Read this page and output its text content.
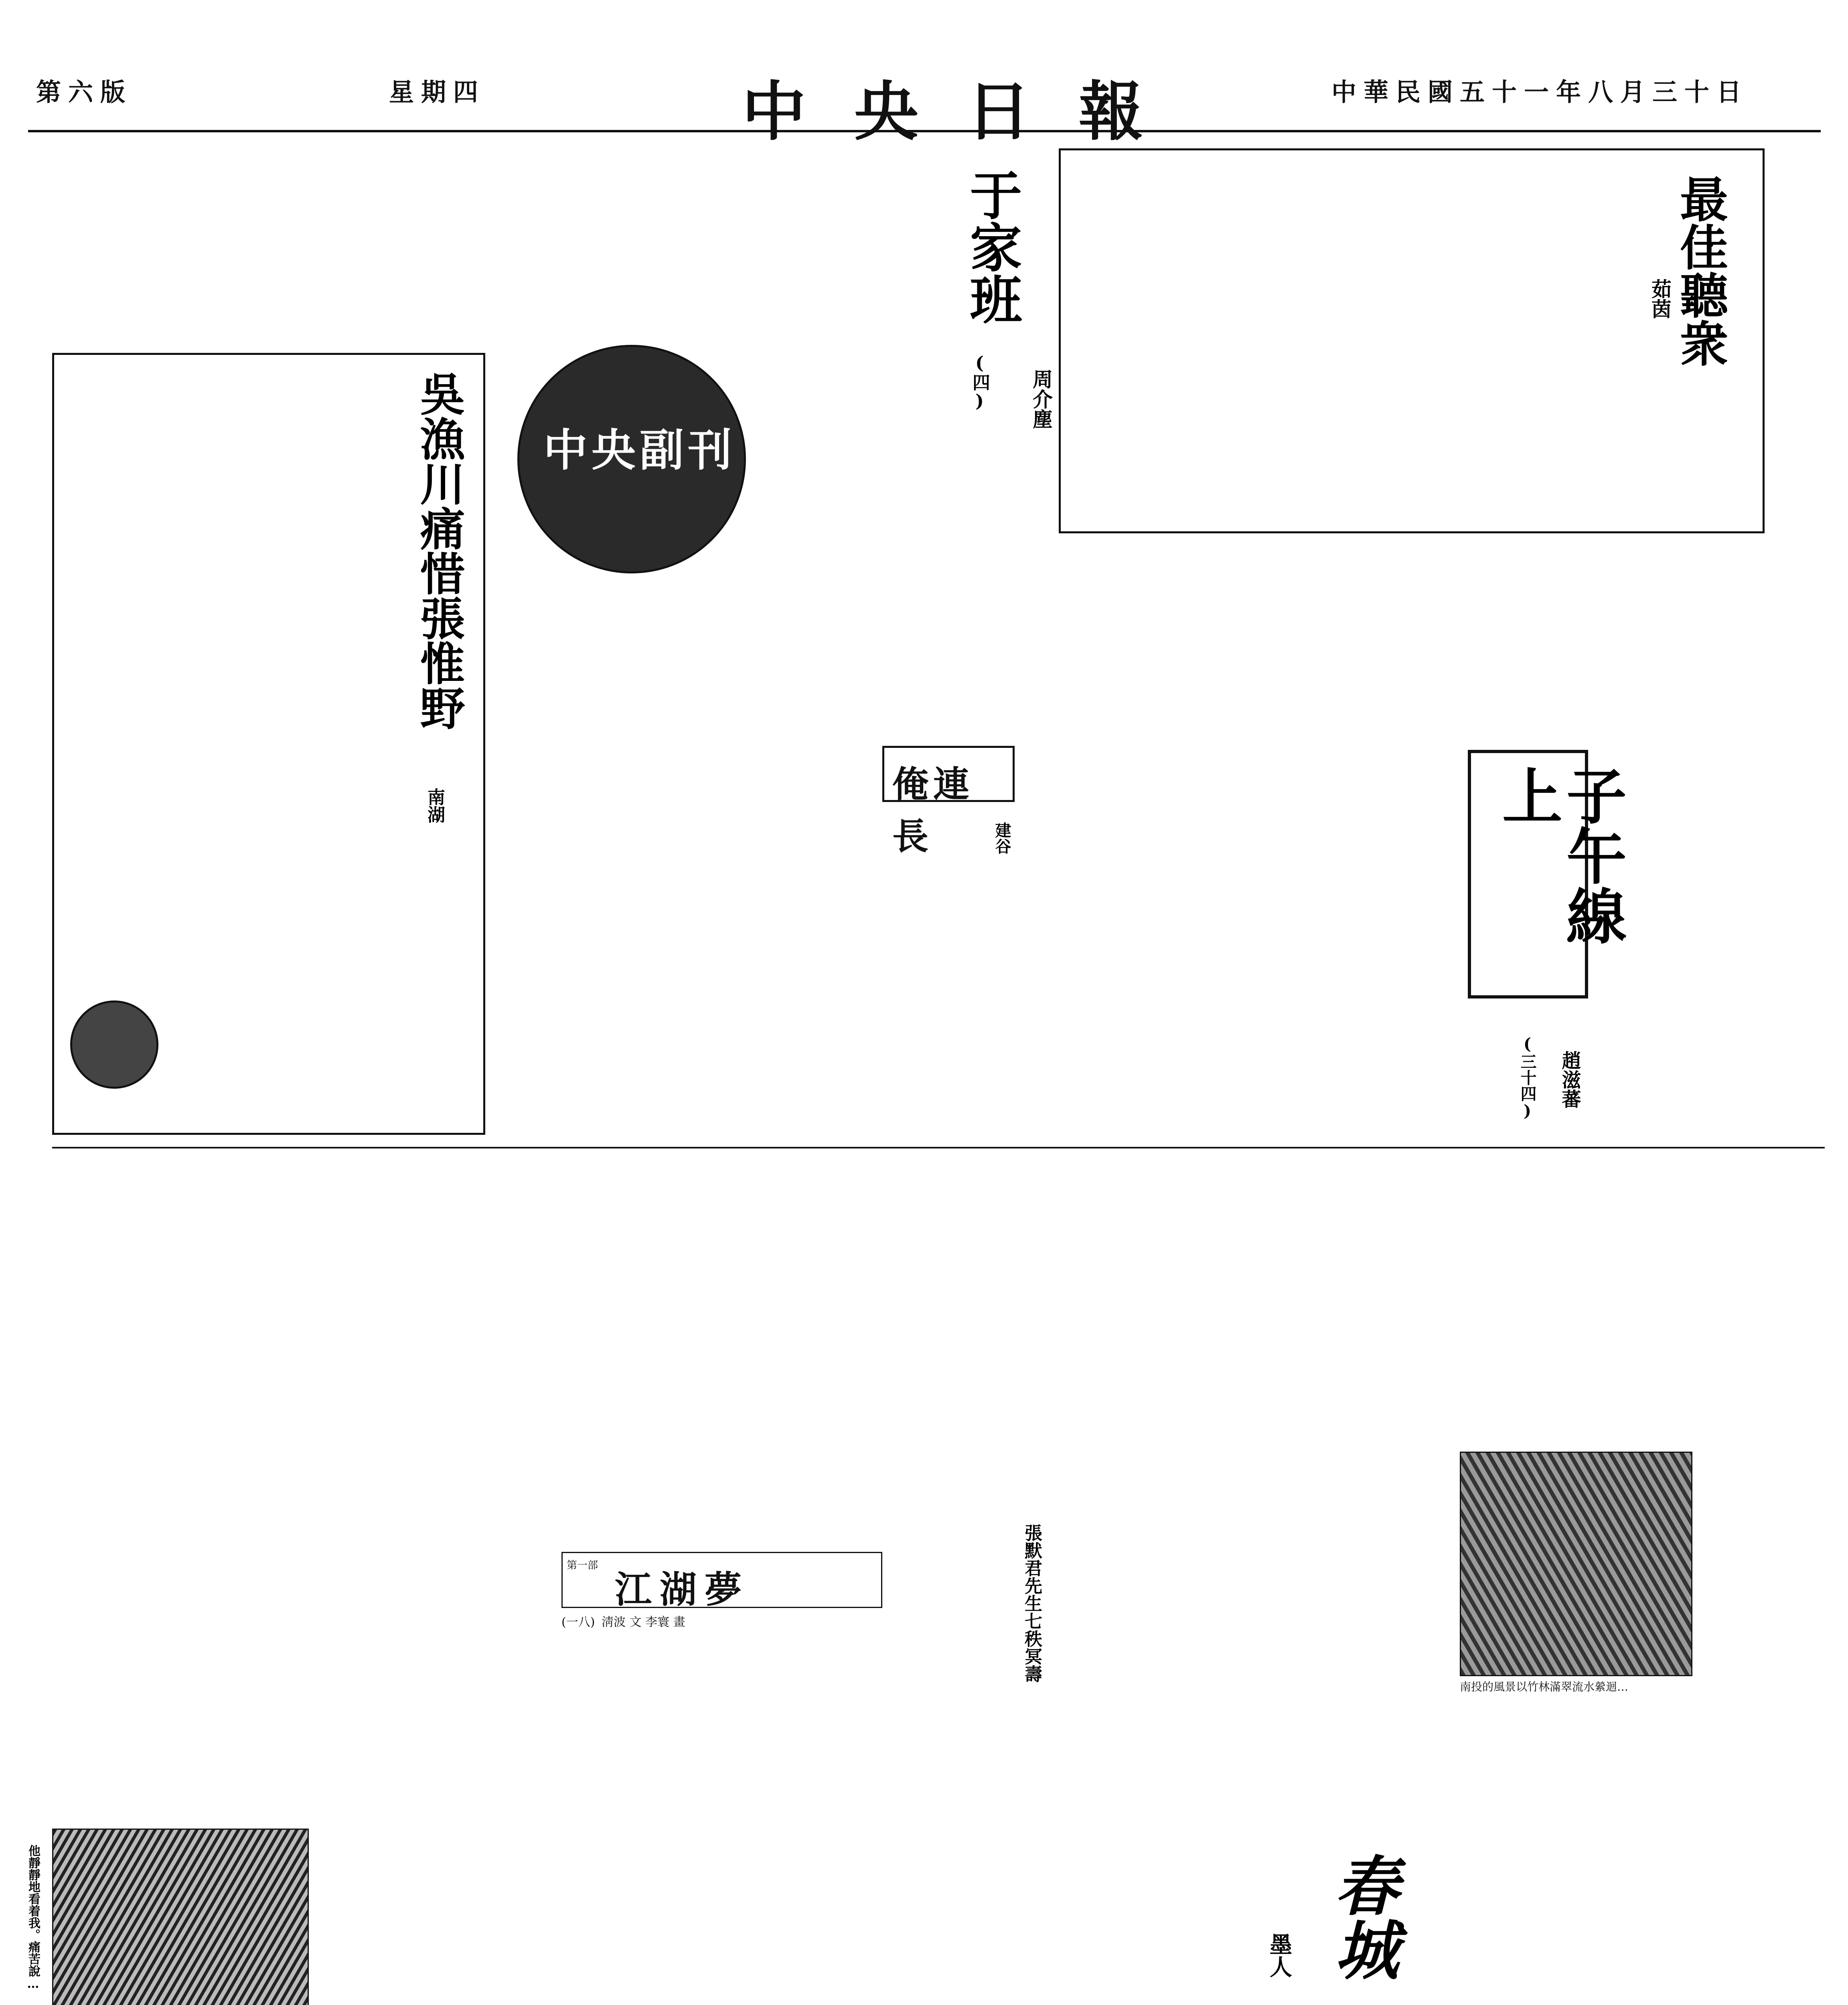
第六版	星期四	中央日報	中華民國五十一年八月三十日
最佳聽衆
茹茵
于家班
(四) 周介塵
中央副刊
吳漁川痛惜張惟野
南湖	子午線上
(三十四) 趙滋蕃
俺連長	建谷
南投的風景以竹林滿翠流水縈迴…
江湖夢
第一部
淸波 文 李寰 畫
(一八)	張默君先生七秩冥壽
他靜靜地看着我。痛苦說…	春城
墨人
